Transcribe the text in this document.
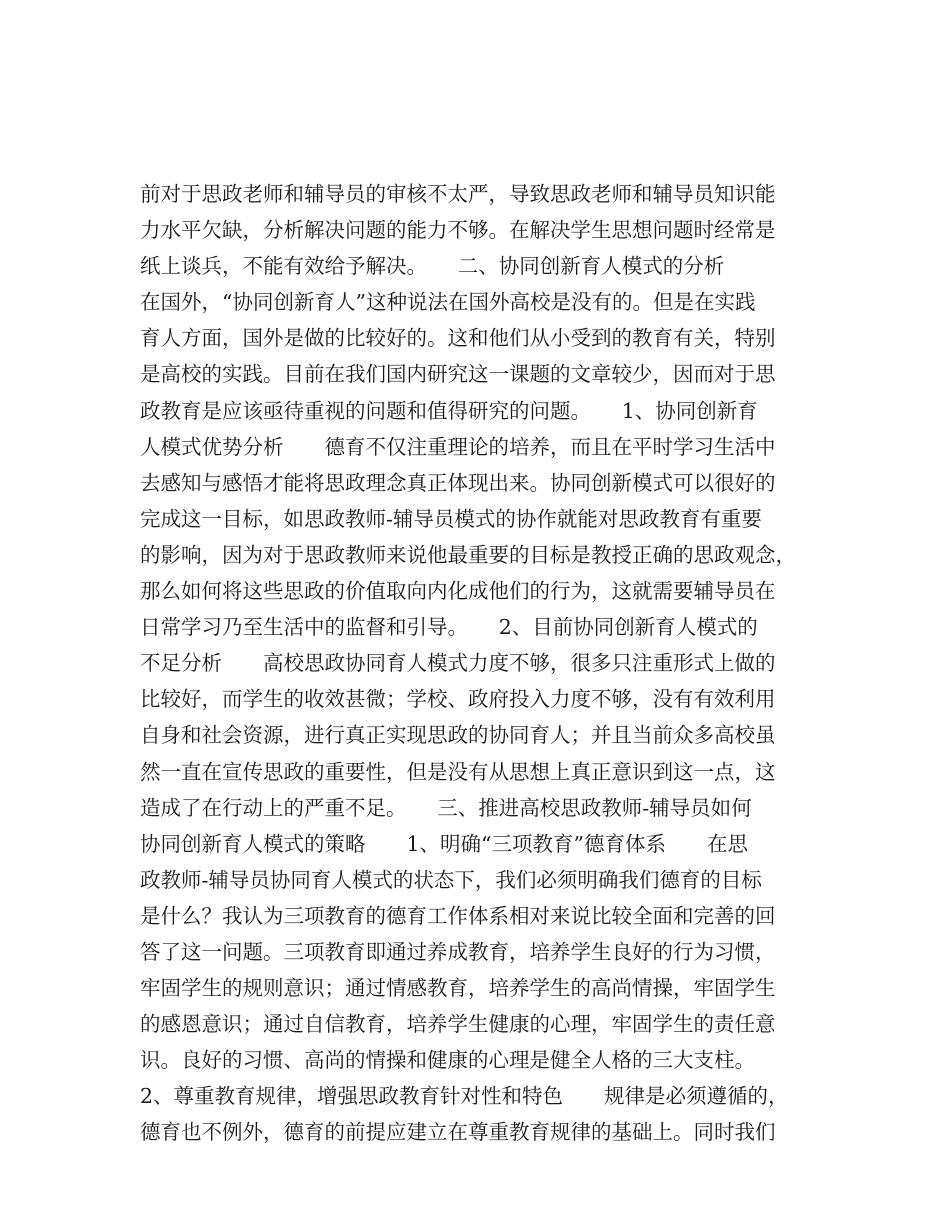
前对于思政老师和辅导员的审核不太严，导致思政老师和辅导员知识能
力水平欠缺，分析解决问题的能力不够。在解决学生思想问题时经常是
纸上谈兵，不能有效给予解决。　　二、协同创新育人模式的分析
在国外，“协同创新育人”这种说法在国外高校是没有的。但是在实践
育人方面，国外是做的比较好的。这和他们从小受到的教育有关，特别
是高校的实践。目前在我们国内研究这一课题的文章较少，因而对于思
政教育是应该亟待重视的问题和值得研究的问题。　　1、协同创新育
人模式优势分析　　德育不仅注重理论的培养，而且在平时学习生活中
去感知与感悟才能将思政理念真正体现出来。协同创新模式可以很好的
完成这一目标，如思政教师-辅导员模式的协作就能对思政教育有重要
的影响，因为对于思政教师来说他最重要的目标是教授正确的思政观念，
那么如何将这些思政的价值取向内化成他们的行为，这就需要辅导员在
日常学习乃至生活中的监督和引导。　　2、目前协同创新育人模式的
不足分析　　高校思政协同育人模式力度不够，很多只注重形式上做的
比较好，而学生的收效甚微；学校、政府投入力度不够，没有有效利用
自身和社会资源，进行真正实现思政的协同育人；并且当前众多高校虽
然一直在宣传思政的重要性，但是没有从思想上真正意识到这一点，这
造成了在行动上的严重不足。　　三、推进高校思政教师-辅导员如何
协同创新育人模式的策略　　1、明确“三项教育”德育体系　　在思
政教师-辅导员协同育人模式的状态下，我们必须明确我们德育的目标
是什么？我认为三项教育的德育工作体系相对来说比较全面和完善的回
答了这一问题。三项教育即通过养成教育，培养学生良好的行为习惯，
牢固学生的规则意识；通过情感教育，培养学生的高尚情操，牢固学生
的感恩意识；通过自信教育，培养学生健康的心理，牢固学生的责任意
识。良好的习惯、高尚的情操和健康的心理是健全人格的三大支柱。
2、尊重教育规律，增强思政教育针对性和特色　　规律是必须遵循的，
德育也不例外，德育的前提应建立在尊重教育规律的基础上。同时我们
